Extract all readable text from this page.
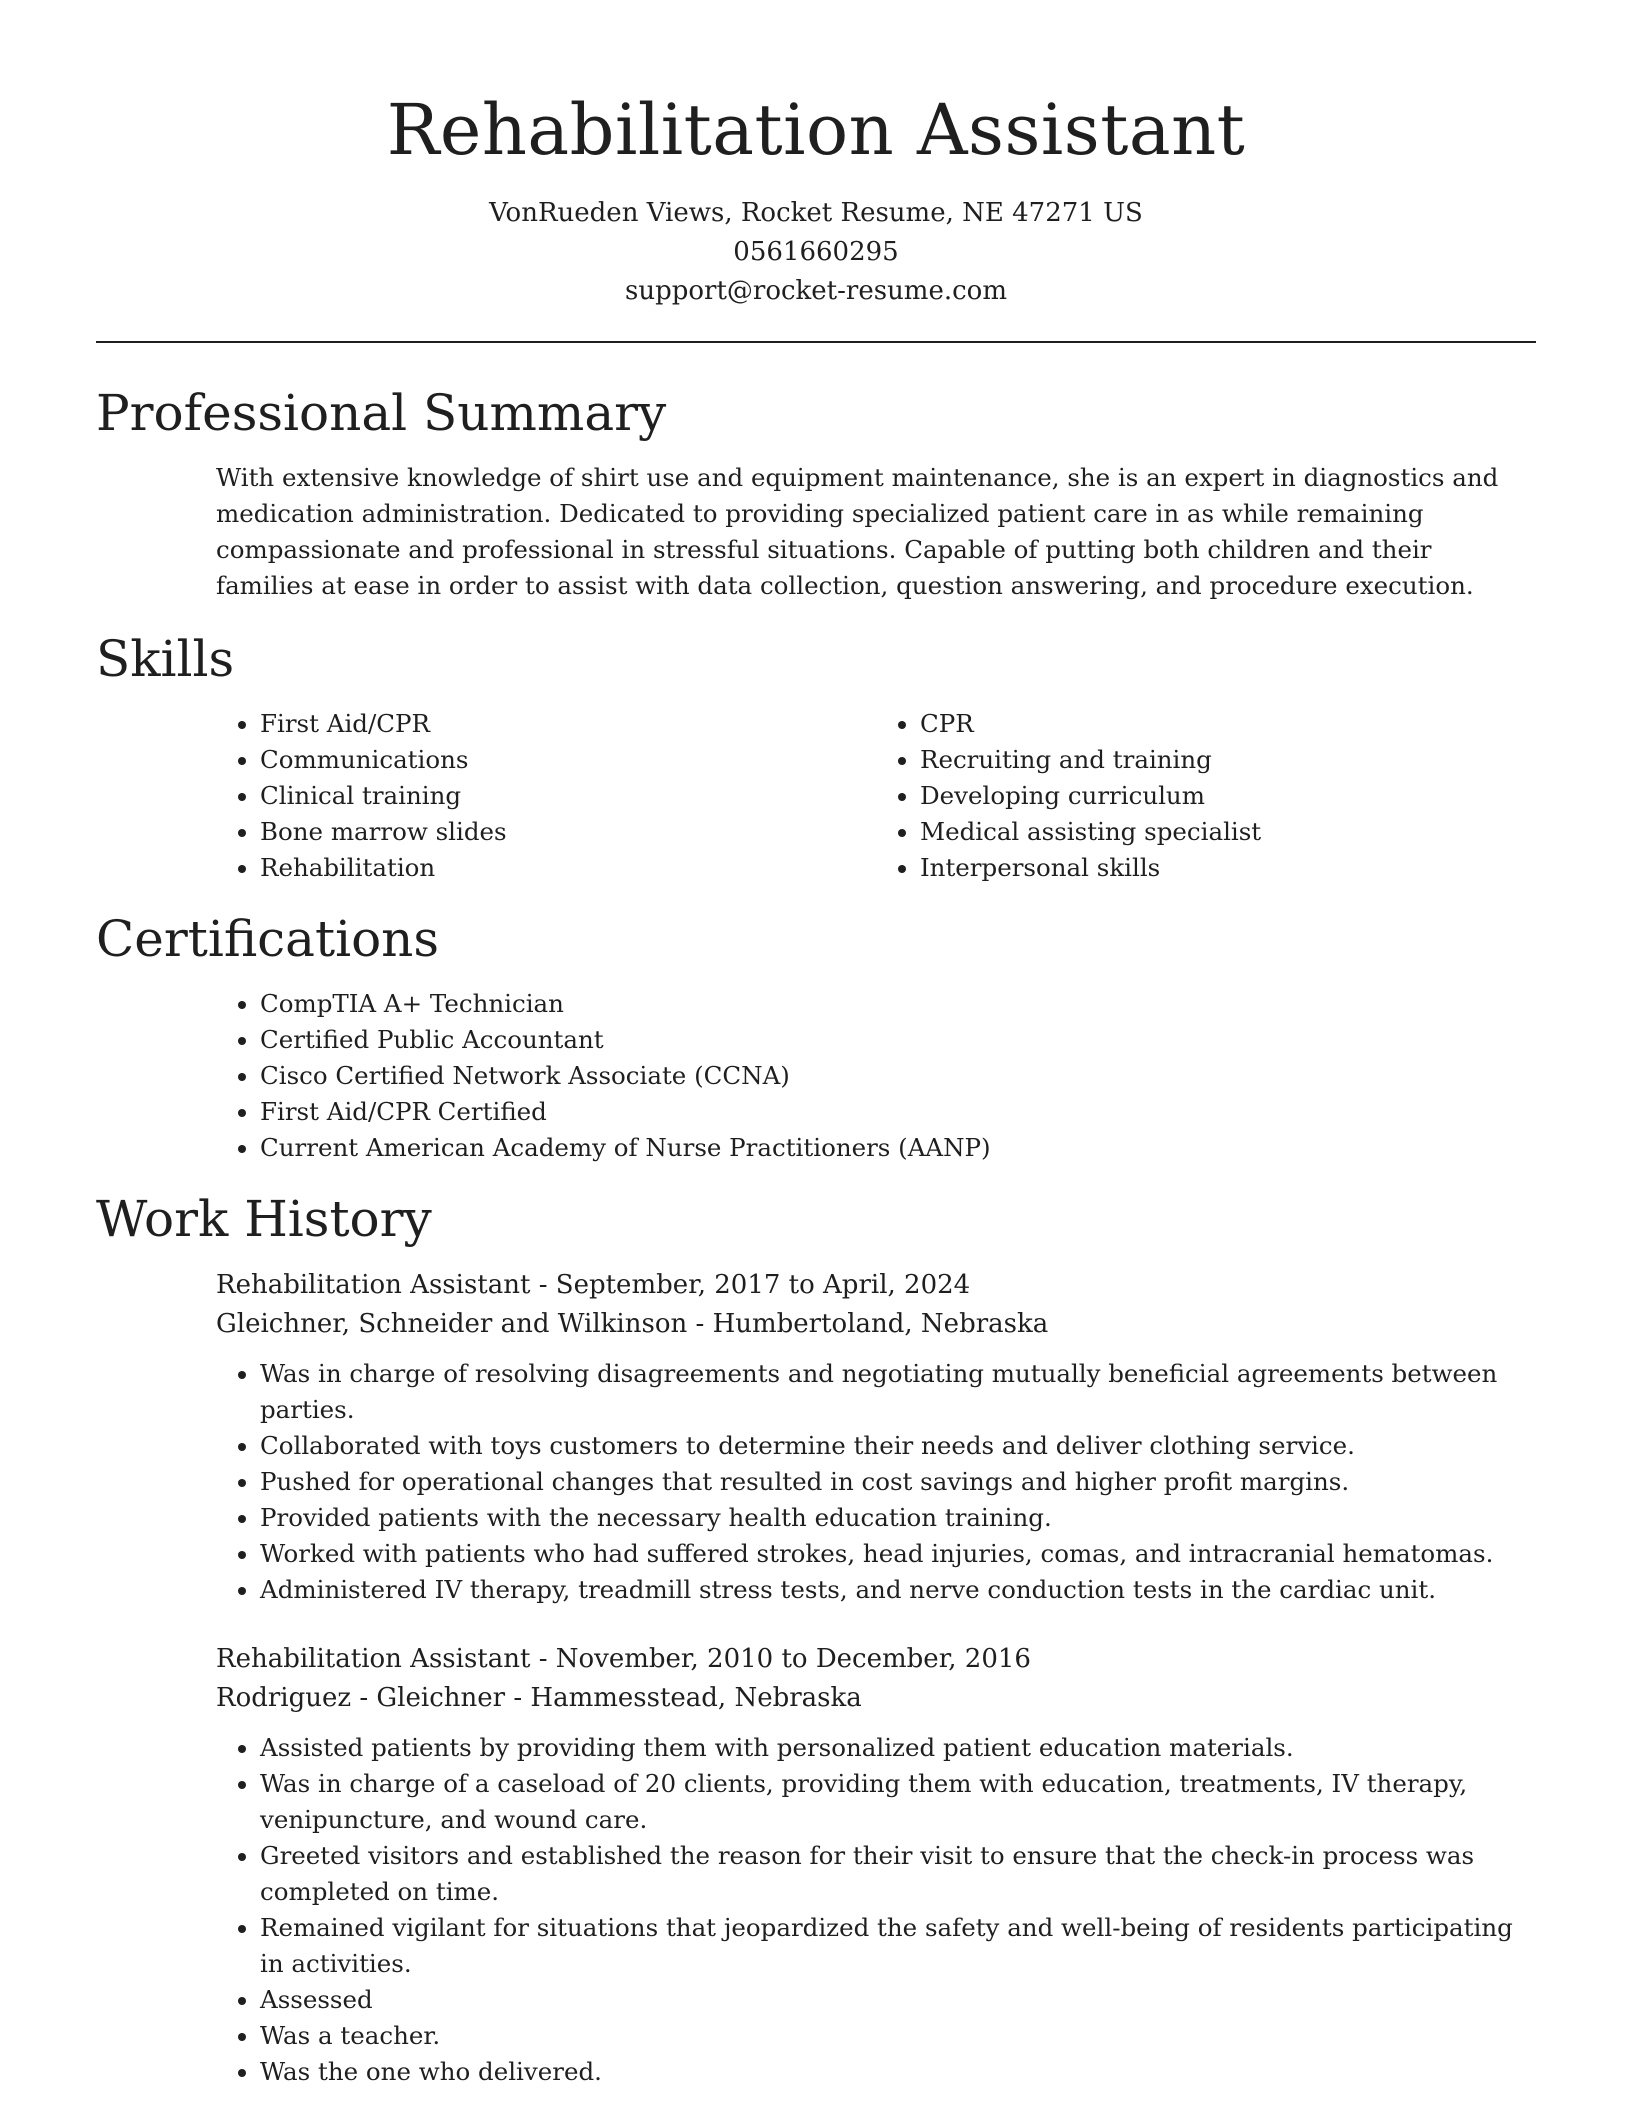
Rehabilitation Assistant
VonRueden Views, Rocket Resume, NE 47271 US
0561660295
support@rocket-resume.com
Professional Summary
With extensive knowledge of shirt use and equipment maintenance, she is an expert in diagnostics and medication administration. Dedicated to providing specialized patient care in as while remaining compassionate and professional in stressful situations. Capable of putting both children and their families at ease in order to assist with data collection, question answering, and procedure execution.
Skills
• First Aid/CPR
• Communications
• Clinical training
• Bone marrow slides
• Rehabilitation
• CPR
• Recruiting and training
• Developing curriculum
• Medical assisting specialist
• Interpersonal skills
Certifications
• CompTIA A+ Technician
• Certified Public Accountant
• Cisco Certified Network Associate (CCNA)
• First Aid/CPR Certified
• Current American Academy of Nurse Practitioners (AANP)
Work History
Rehabilitation Assistant - September, 2017 to April, 2024
Gleichner, Schneider and Wilkinson - Humbertoland, Nebraska
• Was in charge of resolving disagreements and negotiating mutually beneficial agreements between parties.
• Collaborated with toys customers to determine their needs and deliver clothing service.
• Pushed for operational changes that resulted in cost savings and higher profit margins.
• Provided patients with the necessary health education training.
• Worked with patients who had suffered strokes, head injuries, comas, and intracranial hematomas.
• Administered IV therapy, treadmill stress tests, and nerve conduction tests in the cardiac unit.
Rehabilitation Assistant - November, 2010 to December, 2016
Rodriguez - Gleichner - Hammesstead, Nebraska
• Assisted patients by providing them with personalized patient education materials.
• Was in charge of a caseload of 20 clients, providing them with education, treatments, IV therapy, venipuncture, and wound care.
• Greeted visitors and established the reason for their visit to ensure that the check-in process was completed on time.
• Remained vigilant for situations that jeopardized the safety and well-being of residents participating in activities.
• Assessed
• Was a teacher.
• Was the one who delivered.
